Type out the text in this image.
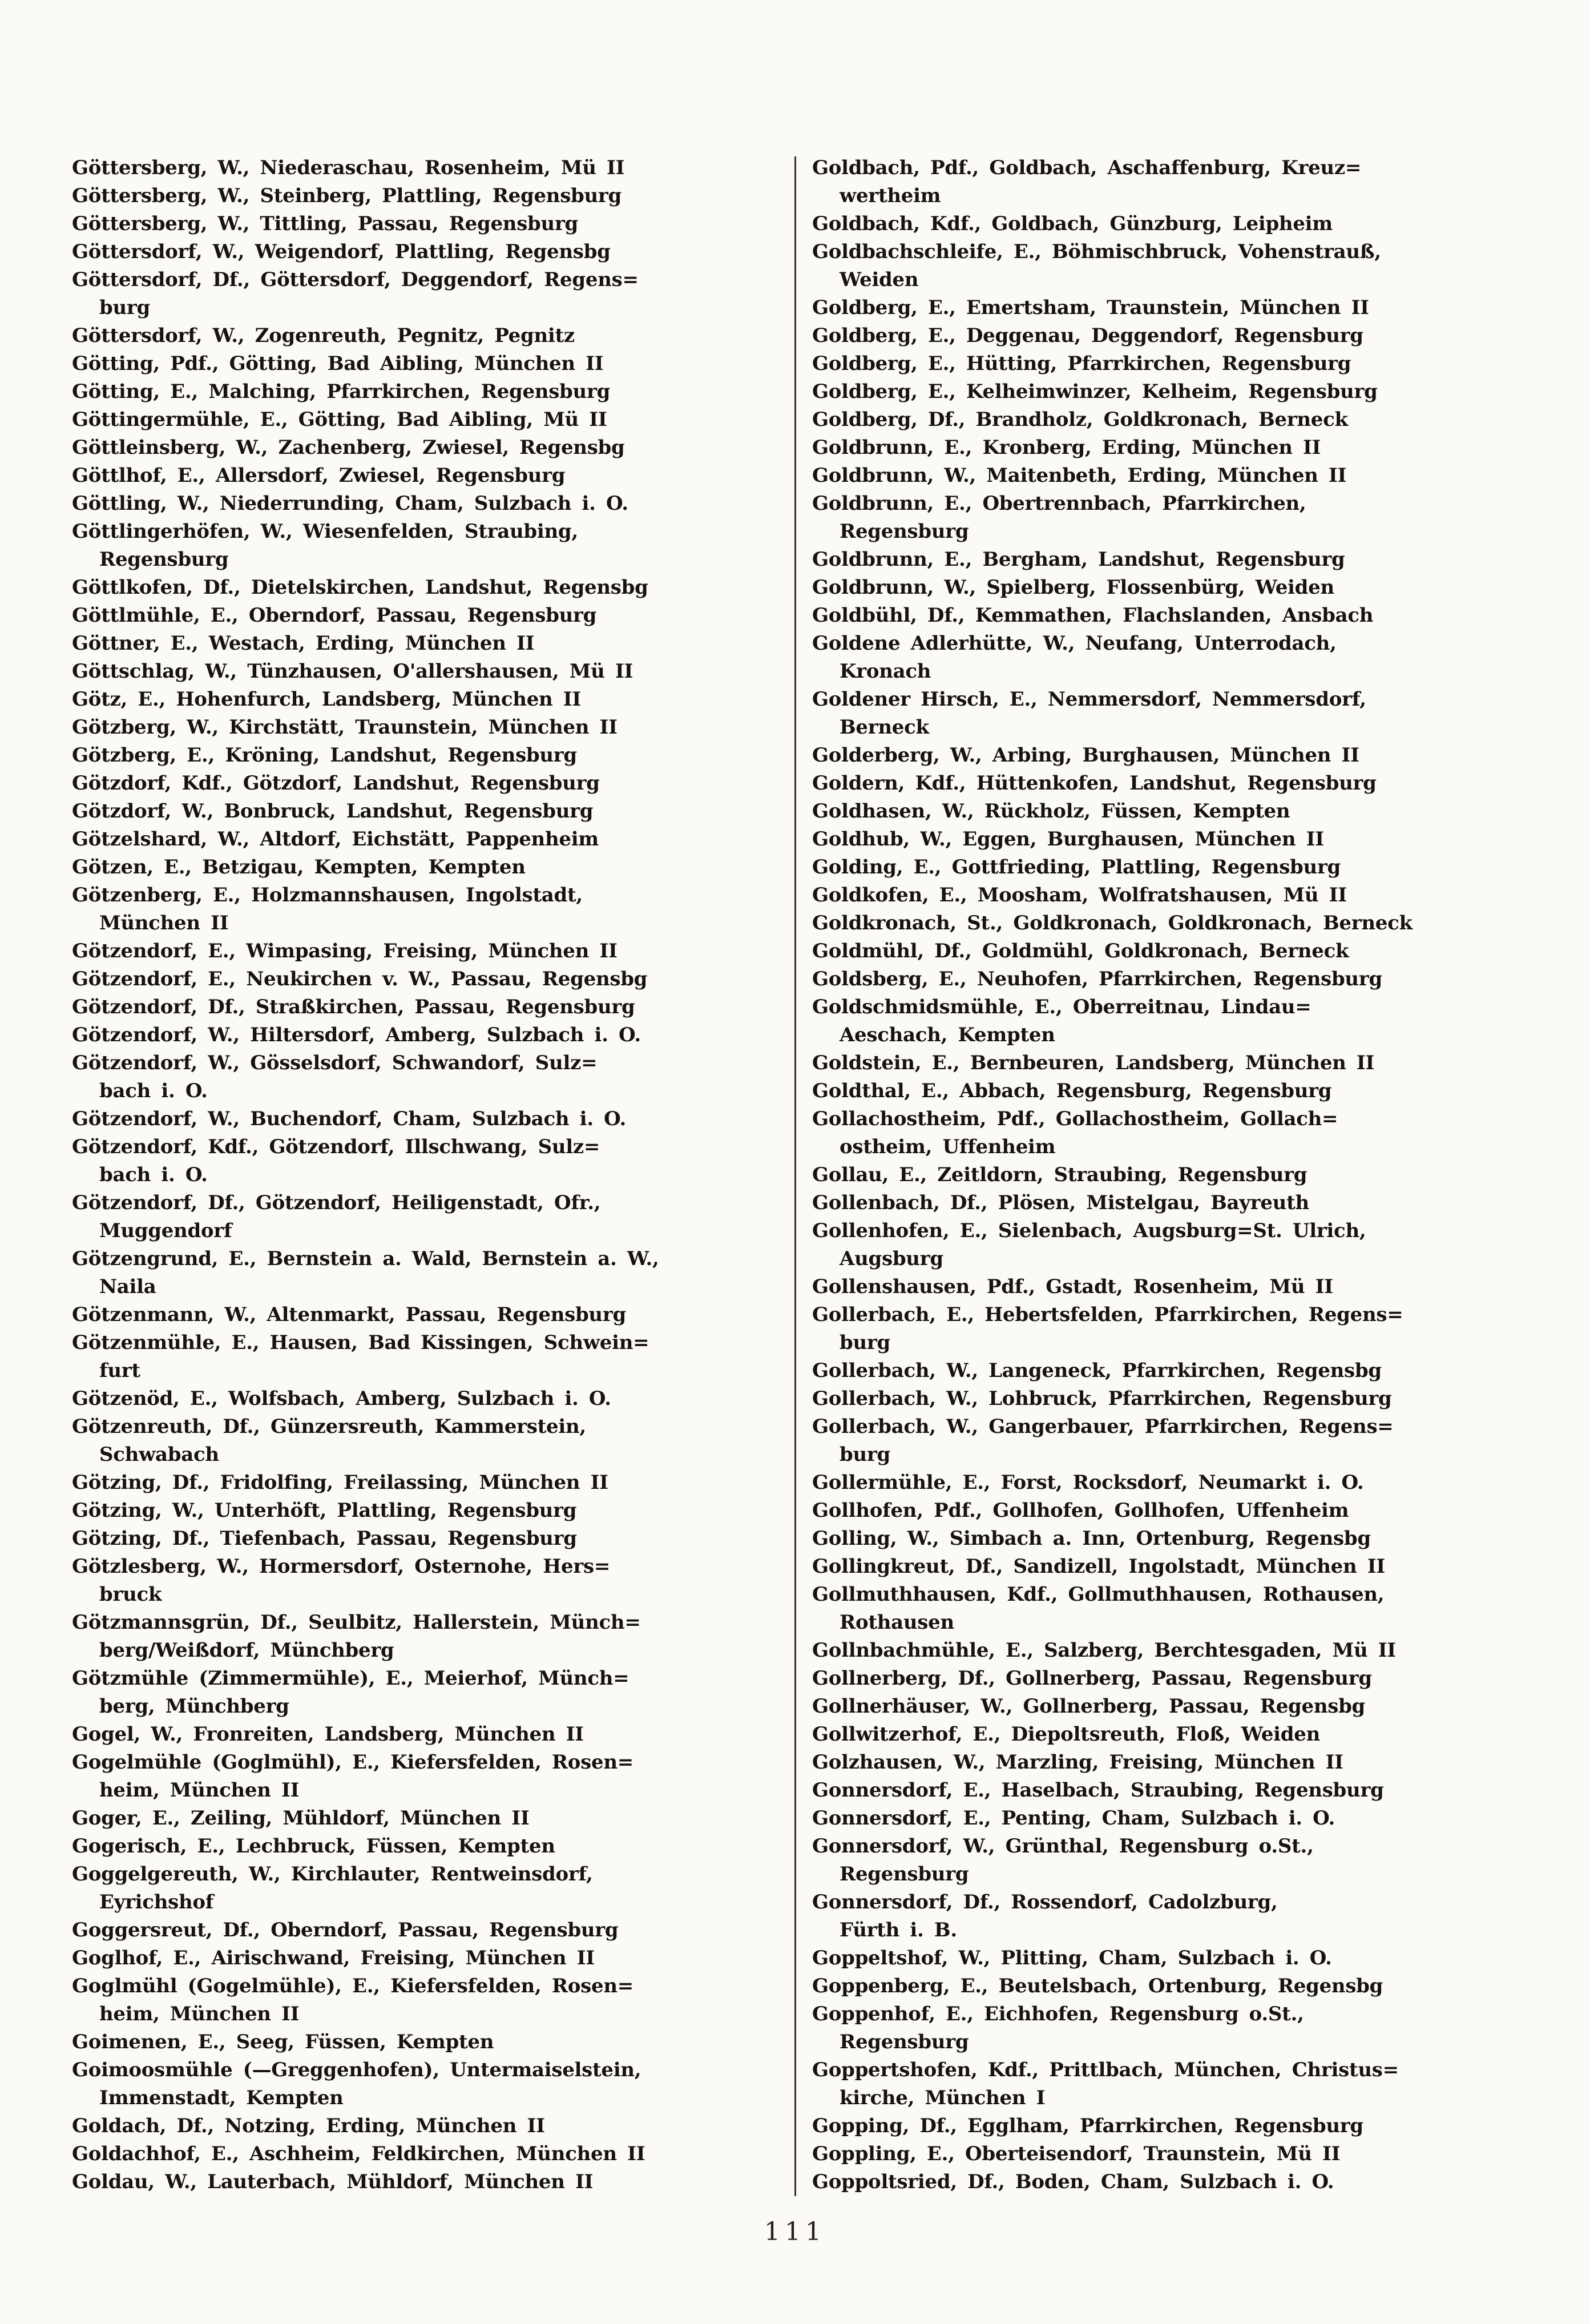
Göttersberg, W., Niederaschau, Rosenheim, Mü II
Göttersberg, W., Steinberg, Plattling, Regensburg
Göttersberg, W., Tittling, Passau, Regensburg
Göttersdorf, W., Weigendorf, Plattling, Regensbg
Göttersdorf, Df., Göttersdorf, Deggendorf, Regens=
burg
Göttersdorf, W., Zogenreuth, Pegnitz, Pegnitz
Götting, Pdf., Götting, Bad Aibling, München II
Götting, E., Malching, Pfarrkirchen, Regensburg
Göttingermühle, E., Götting, Bad Aibling, Mü II
Göttleinsberg, W., Zachenberg, Zwiesel, Regensbg
Göttlhof, E., Allersdorf, Zwiesel, Regensburg
Göttling, W., Niederrunding, Cham, Sulzbach i. O.
Göttlingerhöfen, W., Wiesenfelden, Straubing,
Regensburg
Göttlkofen, Df., Dietelskirchen, Landshut, Regensbg
Göttlmühle, E., Oberndorf, Passau, Regensburg
Göttner, E., Westach, Erding, München II
Göttschlag, W., Tünzhausen, O'allershausen, Mü II
Götz, E., Hohenfurch, Landsberg, München II
Götzberg, W., Kirchstätt, Traunstein, München II
Götzberg, E., Kröning, Landshut, Regensburg
Götzdorf, Kdf., Götzdorf, Landshut, Regensburg
Götzdorf, W., Bonbruck, Landshut, Regensburg
Götzelshard, W., Altdorf, Eichstätt, Pappenheim
Götzen, E., Betzigau, Kempten, Kempten
Götzenberg, E., Holzmannshausen, Ingolstadt,
München II
Götzendorf, E., Wimpasing, Freising, München II
Götzendorf, E., Neukirchen v. W., Passau, Regensbg
Götzendorf, Df., Straßkirchen, Passau, Regensburg
Götzendorf, W., Hiltersdorf, Amberg, Sulzbach i. O.
Götzendorf, W., Gösselsdorf, Schwandorf, Sulz=
bach i. O.
Götzendorf, W., Buchendorf, Cham, Sulzbach i. O.
Götzendorf, Kdf., Götzendorf, Illschwang, Sulz=
bach i. O.
Götzendorf, Df., Götzendorf, Heiligenstadt, Ofr.,
Muggendorf
Götzengrund, E., Bernstein a. Wald, Bernstein a. W.,
Naila
Götzenmann, W., Altenmarkt, Passau, Regensburg
Götzenmühle, E., Hausen, Bad Kissingen, Schwein=
furt
Götzenöd, E., Wolfsbach, Amberg, Sulzbach i. O.
Götzenreuth, Df., Günzersreuth, Kammerstein,
Schwabach
Götzing, Df., Fridolfing, Freilassing, München II
Götzing, W., Unterhöft, Plattling, Regensburg
Götzing, Df., Tiefenbach, Passau, Regensburg
Götzlesberg, W., Hormersdorf, Osternohe, Hers=
bruck
Götzmannsgrün, Df., Seulbitz, Hallerstein, Münch=
berg/Weißdorf, Münchberg
Götzmühle (Zimmermühle), E., Meierhof, Münch=
berg, Münchberg
Gogel, W., Fronreiten, Landsberg, München II
Gogelmühle (Goglmühl), E., Kiefersfelden, Rosen=
heim, München II
Goger, E., Zeiling, Mühldorf, München II
Gogerisch, E., Lechbruck, Füssen, Kempten
Goggelgereuth, W., Kirchlauter, Rentweinsdorf,
Eyrichshof
Goggersreut, Df., Oberndorf, Passau, Regensburg
Goglhof, E., Airischwand, Freising, München II
Goglmühl (Gogelmühle), E., Kiefersfelden, Rosen=
heim, München II
Goimenen, E., Seeg, Füssen, Kempten
Goimoosmühle (—Greggenhofen), Untermaiselstein,
Immenstadt, Kempten
Goldach, Df., Notzing, Erding, München II
Goldachhof, E., Aschheim, Feldkirchen, München II
Goldau, W., Lauterbach, Mühldorf, München II
Goldbach, Pdf., Goldbach, Aschaffenburg, Kreuz=
wertheim
Goldbach, Kdf., Goldbach, Günzburg, Leipheim
Goldbachschleife, E., Böhmischbruck, Vohenstrauß,
Weiden
Goldberg, E., Emertsham, Traunstein, München II
Goldberg, E., Deggenau, Deggendorf, Regensburg
Goldberg, E., Hütting, Pfarrkirchen, Regensburg
Goldberg, E., Kelheimwinzer, Kelheim, Regensburg
Goldberg, Df., Brandholz, Goldkronach, Berneck
Goldbrunn, E., Kronberg, Erding, München II
Goldbrunn, W., Maitenbeth, Erding, München II
Goldbrunn, E., Obertrennbach, Pfarrkirchen,
Regensburg
Goldbrunn, E., Bergham, Landshut, Regensburg
Goldbrunn, W., Spielberg, Flossenbürg, Weiden
Goldbühl, Df., Kemmathen, Flachslanden, Ansbach
Goldene Adlerhütte, W., Neufang, Unterrodach,
Kronach
Goldener Hirsch, E., Nemmersdorf, Nemmersdorf,
Berneck
Golderberg, W., Arbing, Burghausen, München II
Goldern, Kdf., Hüttenkofen, Landshut, Regensburg
Goldhasen, W., Rückholz, Füssen, Kempten
Goldhub, W., Eggen, Burghausen, München II
Golding, E., Gottfrieding, Plattling, Regensburg
Goldkofen, E., Moosham, Wolfratshausen, Mü II
Goldkronach, St., Goldkronach, Goldkronach, Berneck
Goldmühl, Df., Goldmühl, Goldkronach, Berneck
Goldsberg, E., Neuhofen, Pfarrkirchen, Regensburg
Goldschmidsmühle, E., Oberreitnau, Lindau=
Aeschach, Kempten
Goldstein, E., Bernbeuren, Landsberg, München II
Goldthal, E., Abbach, Regensburg, Regensburg
Gollachostheim, Pdf., Gollachostheim, Gollach=
ostheim, Uffenheim
Gollau, E., Zeitldorn, Straubing, Regensburg
Gollenbach, Df., Plösen, Mistelgau, Bayreuth
Gollenhofen, E., Sielenbach, Augsburg=St. Ulrich,
Augsburg
Gollenshausen, Pdf., Gstadt, Rosenheim, Mü II
Gollerbach, E., Hebertsfelden, Pfarrkirchen, Regens=
burg
Gollerbach, W., Langeneck, Pfarrkirchen, Regensbg
Gollerbach, W., Lohbruck, Pfarrkirchen, Regensburg
Gollerbach, W., Gangerbauer, Pfarrkirchen, Regens=
burg
Gollermühle, E., Forst, Rocksdorf, Neumarkt i. O.
Gollhofen, Pdf., Gollhofen, Gollhofen, Uffenheim
Golling, W., Simbach a. Inn, Ortenburg, Regensbg
Gollingkreut, Df., Sandizell, Ingolstadt, München II
Gollmuthhausen, Kdf., Gollmuthhausen, Rothausen,
Rothausen
Gollnbachmühle, E., Salzberg, Berchtesgaden, Mü II
Gollnerberg, Df., Gollnerberg, Passau, Regensburg
Gollnerhäuser, W., Gollnerberg, Passau, Regensbg
Gollwitzerhof, E., Diepoltsreuth, Floß, Weiden
Golzhausen, W., Marzling, Freising, München II
Gonnersdorf, E., Haselbach, Straubing, Regensburg
Gonnersdorf, E., Penting, Cham, Sulzbach i. O.
Gonnersdorf, W., Grünthal, Regensburg o.St.,
Regensburg
Gonnersdorf, Df., Rossendorf, Cadolzburg,
Fürth i. B.
Goppeltshof, W., Plitting, Cham, Sulzbach i. O.
Goppenberg, E., Beutelsbach, Ortenburg, Regensbg
Goppenhof, E., Eichhofen, Regensburg o.St.,
Regensburg
Goppertshofen, Kdf., Prittlbach, München, Christus=
kirche, München I
Gopping, Df., Egglham, Pfarrkirchen, Regensburg
Goppling, E., Oberteisendorf, Traunstein, Mü II
Goppoltsried, Df., Boden, Cham, Sulzbach i. O.
111
